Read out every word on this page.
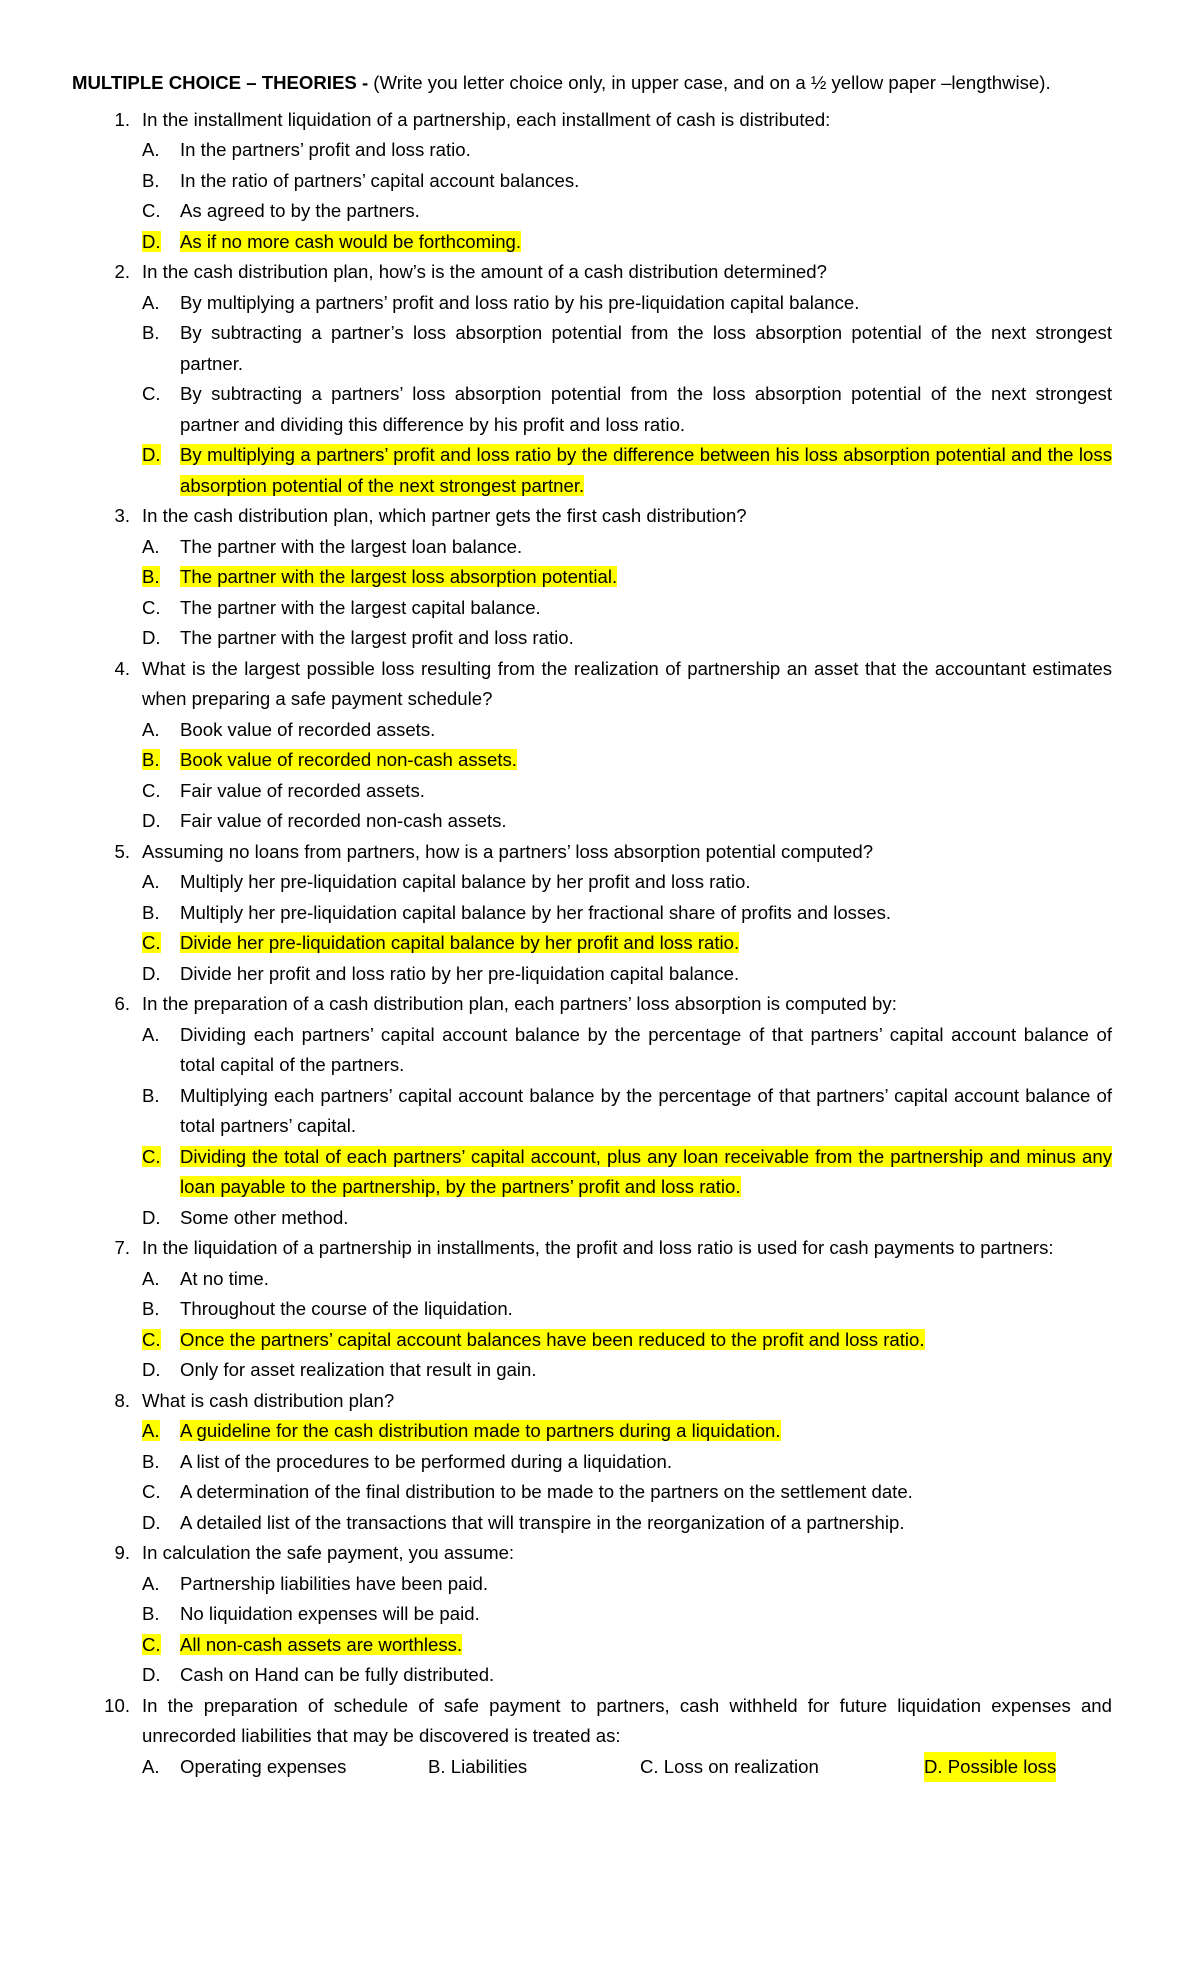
MULTIPLE CHOICE – THEORIES - (Write you letter choice only, in upper case, and on a ½ yellow paper –lengthwise).
1. In the installment liquidation of a partnership, each installment of cash is distributed:
A.	In the partners’ profit and loss ratio.
B.	In the ratio of partners’ capital account balances.
C.	As agreed to by the partners.
D.	As if no more cash would be forthcoming.
2. In the cash distribution plan, how’s is the amount of a cash distribution determined?
A.	By multiplying a partners’ profit and loss ratio by his pre-liquidation capital balance.
B.	By subtracting a partner’s loss absorption potential from the loss absorption potential of the next strongest partner.
C.	By subtracting a partners’ loss absorption potential from the loss absorption potential of the next strongest partner and dividing this difference by his profit and loss ratio.
D.	By multiplying a partners’ profit and loss ratio by the difference between his loss absorption potential and the loss absorption potential of the next strongest partner.
3. In the cash distribution plan, which partner gets the first cash distribution?
A.	The partner with the largest loan balance.
B.	The partner with the largest loss absorption potential.
C.	The partner with the largest capital balance.
D.	The partner with the largest profit and loss ratio.
4. What is the largest possible loss resulting from the realization of partnership an asset that the accountant estimates when preparing a safe payment schedule?
A.	Book value of recorded assets.
B.	Book value of recorded non-cash assets.
C.	Fair value of recorded assets.
D.	Fair value of recorded non-cash assets.
5. Assuming no loans from partners, how is a partners’ loss absorption potential computed?
A.	Multiply her pre-liquidation capital balance by her profit and loss ratio.
B.	Multiply her pre-liquidation capital balance by her fractional share of profits and losses.
C.	Divide her pre-liquidation capital balance by her profit and loss ratio.
D.	Divide her profit and loss ratio by her pre-liquidation capital balance.
6. In the preparation of a cash distribution plan, each partners’ loss absorption is computed by:
A.	Dividing each partners’ capital account balance by the percentage of that partners’ capital account balance of total capital of the partners.
B.	Multiplying each partners’ capital account balance by the percentage of that partners’ capital account balance of total partners’ capital.
C.	Dividing the total of each partners’ capital account, plus any loan receivable from the partnership and minus any loan payable to the partnership, by the partners’ profit and loss ratio.
D.	Some other method.
7. In the liquidation of a partnership in installments, the profit and loss ratio is used for cash payments to partners:
A.	At no time.
B.	Throughout the course of the liquidation.
C.	Once the partners’ capital account balances have been reduced to the profit and loss ratio.
D.	Only for asset realization that result in gain.
8. What is cash distribution plan?
A.	A guideline for the cash distribution made to partners during a liquidation.
B.	A list of the procedures to be performed during a liquidation.
C.	A determination of the final distribution to be made to the partners on the settlement date.
D.	A detailed list of the transactions that will transpire in the reorganization of a partnership.
9. In calculation the safe payment, you assume:
A.	Partnership liabilities have been paid.
B.	No liquidation expenses will be paid.
C.	All non-cash assets are worthless.
D.	Cash on Hand can be fully distributed.
10. In the preparation of schedule of safe payment to partners, cash withheld for future liquidation expenses and unrecorded liabilities that may be discovered is treated as:
A.	Operating expenses	B. Liabilities	C. Loss on realization	D. Possible loss
